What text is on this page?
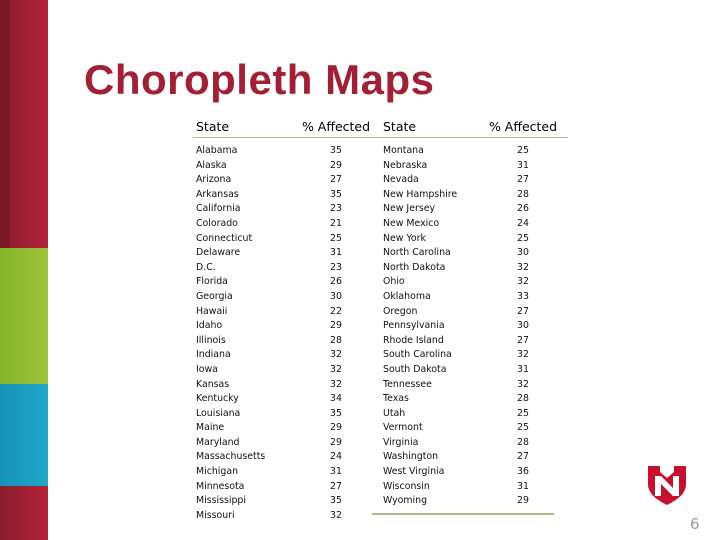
Choropleth Maps
State	% Affected	State	% Affected
Alabama	35	Montana	25
Alaska	29	Nebraska	31
Arizona	27	Nevada	27
Arkansas	35	New Hampshire	28
California	23	New Jersey	26
Colorado	21	New Mexico	24
Connecticut	25	New York	25
Delaware	31	North Carolina	30
D.C.	23	North Dakota	32
Florida	26	Ohio	32
Georgia	30	Oklahoma	33
Hawaii	22	Oregon	27
Idaho	29	Pennsylvania	30
Illinois	28	Rhode Island	27
Indiana	32	South Carolina	32
Iowa	32	South Dakota	31
Kansas	32	Tennessee	32
Kentucky	34	Texas	28
Louisiana	35	Utah	25
Maine	29	Vermont	25
Maryland	29	Virginia	28
Massachusetts	24	Washington	27
Michigan	31	West Virginia	36
Minnesota	27	Wisconsin	31
Mississippi	35	Wyoming	29
Missouri	32			6
